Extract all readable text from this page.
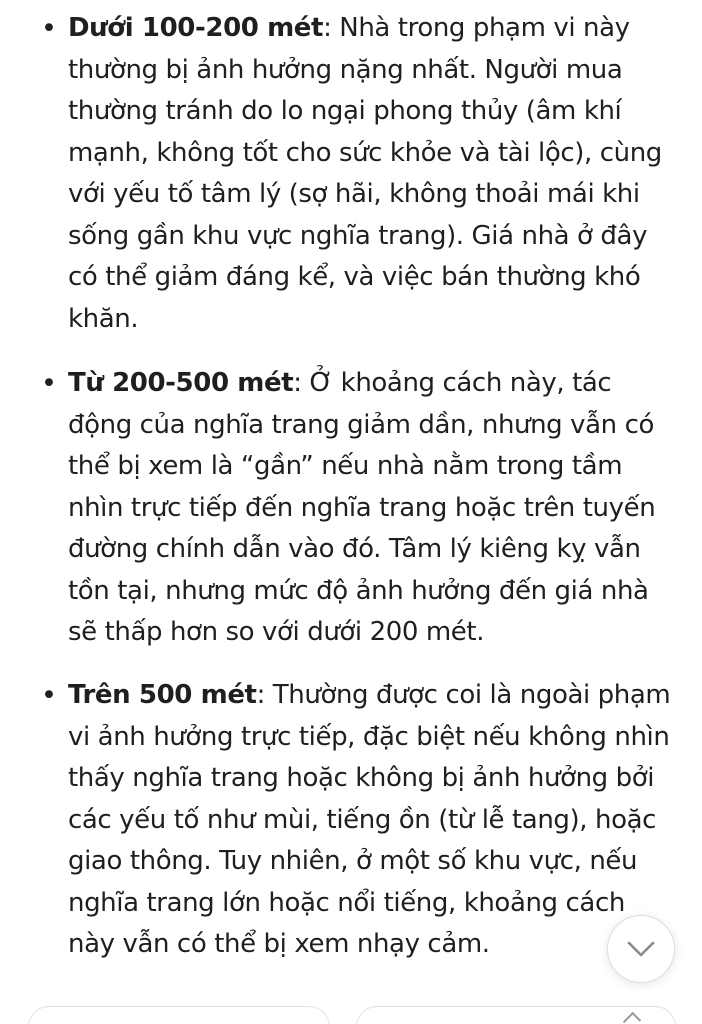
• Dưới 100-200 mét: Nhà trong phạm vi này thường bị ảnh hưởng nặng nhất. Người mua thường tránh do lo ngại phong thủy (âm khí mạnh, không tốt cho sức khỏe và tài lộc), cùng với yếu tố tâm lý (sợ hãi, không thoải mái khi sống gần khu vực nghĩa trang). Giá nhà ở đây có thể giảm đáng kể, và việc bán thường khó khăn.

• Từ 200-500 mét: Ở khoảng cách này, tác động của nghĩa trang giảm dần, nhưng vẫn có thể bị xem là “gần” nếu nhà nằm trong tầm nhìn trực tiếp đến nghĩa trang hoặc trên tuyến đường chính dẫn vào đó. Tâm lý kiêng kỵ vẫn tồn tại, nhưng mức độ ảnh hưởng đến giá nhà sẽ thấp hơn so với dưới 200 mét.

• Trên 500 mét: Thường được coi là ngoài phạm vi ảnh hưởng trực tiếp, đặc biệt nếu không nhìn thấy nghĩa trang hoặc không bị ảnh hưởng bởi các yếu tố như mùi, tiếng ồn (từ lễ tang), hoặc giao thông. Tuy nhiên, ở một số khu vực, nếu nghĩa trang lớn hoặc nổi tiếng, khoảng cách này vẫn có thể bị xem nhạy cảm.
